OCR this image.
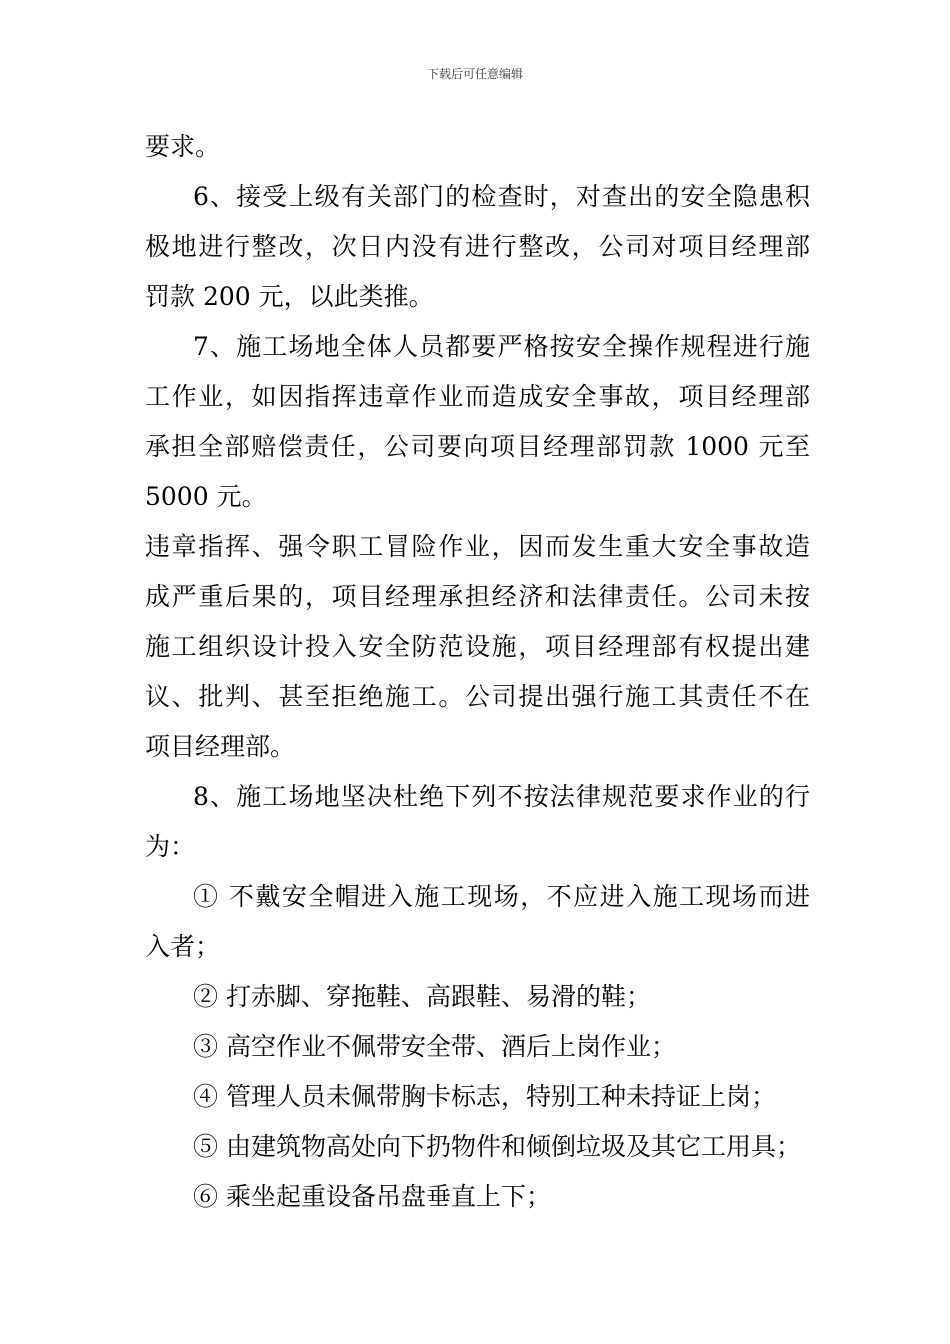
下载后可任意编辑
要求。
6、接受上级有关部门的检查时，对查出的安全隐患积
极地进行整改，次日内没有进行整改，公司对项目经理部
罚款 200 元，以此类推。
7、施工场地全体人员都要严格按安全操作规程进行施
工作业，如因指挥违章作业而造成安全事故，项目经理部
承担全部赔偿责任，公司要向项目经理部罚款 1000 元至
5000 元。
违章指挥、强令职工冒险作业，因而发生重大安全事故造
成严重后果的，项目经理承担经济和法律责任。公司未按
施工组织设计投入安全防范设施，项目经理部有权提出建
议、批判、甚至拒绝施工。公司提出强行施工其责任不在
项目经理部。
8、施工场地坚决杜绝下列不按法律规范要求作业的行
为：
① 不戴安全帽进入施工现场，不应进入施工现场而进
入者；
② 打赤脚、穿拖鞋、高跟鞋、易滑的鞋；
③ 高空作业不佩带安全带、酒后上岗作业；
④ 管理人员未佩带胸卡标志，特别工种未持证上岗；
⑤ 由建筑物高处向下扔物件和倾倒垃圾及其它工用具；
⑥ 乘坐起重设备吊盘垂直上下；
